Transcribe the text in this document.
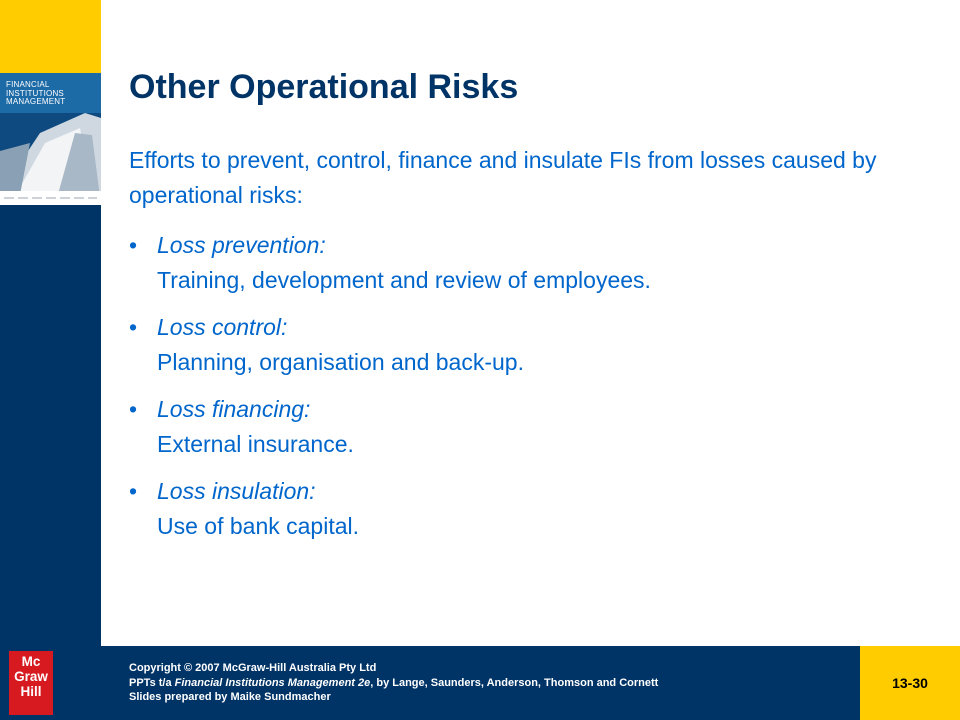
FINANCIAL
INSTITUTIONS
MANAGEMENT Other Operational Risks

Efforts to prevent, control, finance and insulate FIs from losses caused by operational risks:

• Loss prevention:
Training, development and review of employees.
• Loss control:
Planning, organisation and back-up.
• Loss financing:
External insurance.
• Loss insulation:
Use of bank capital.
Mc
Graw
Hill
Copyright © 2007 McGraw-Hill Australia Pty Ltd
PPTs t/a Financial Institutions Management 2e, by Lange, Saunders, Anderson, Thomson and Cornett
Slides prepared by Maike Sundmacher
13-30
